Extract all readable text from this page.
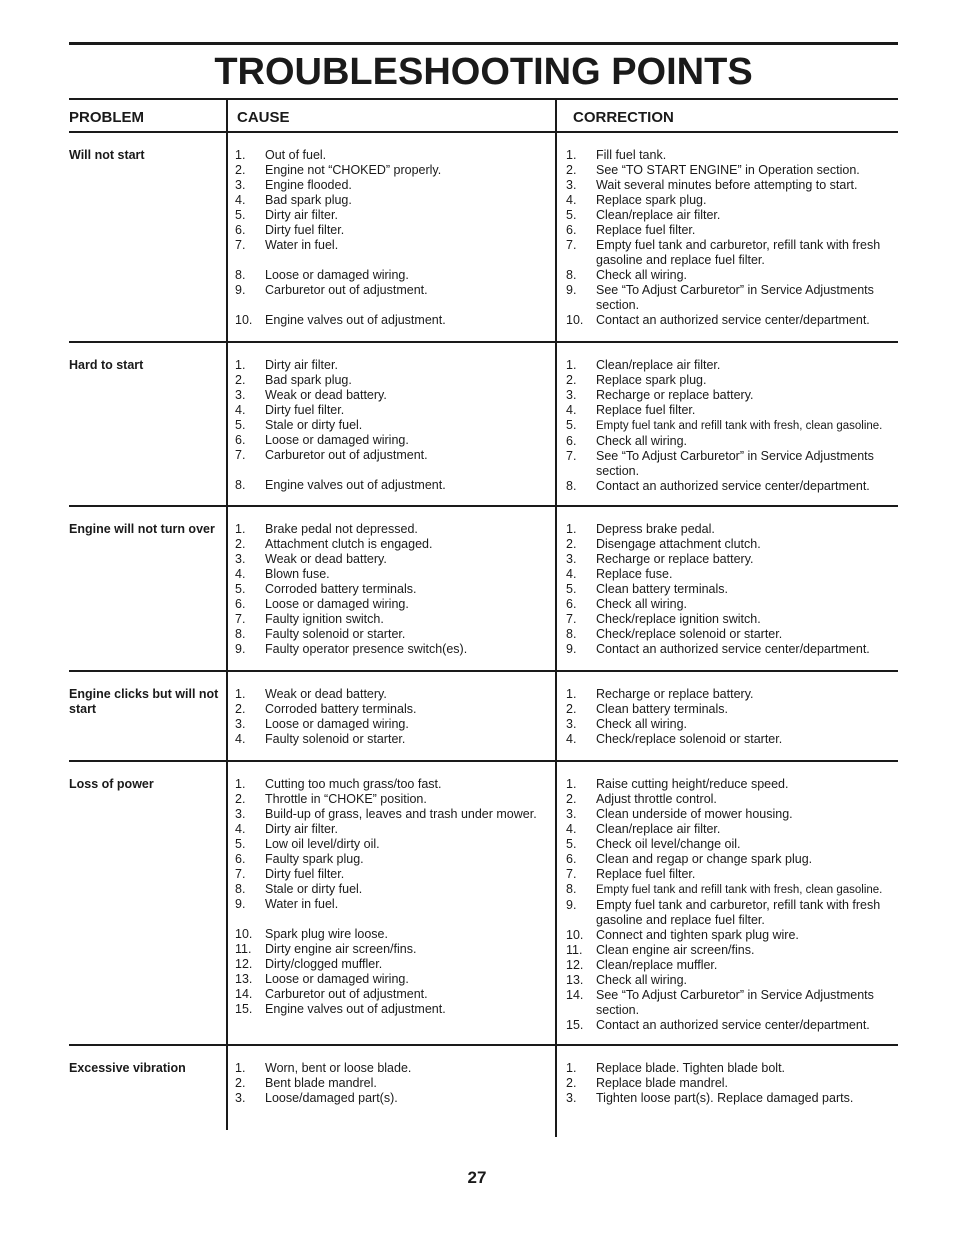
TROUBLESHOOTING POINTS
PROBLEM	CAUSE	CORRECTION
Will not start	1.	Out of fuel.
2.	Engine not “CHOKED” properly.
3.	Engine flooded.
4.	Bad spark plug.
5.	Dirty air filter.
6.	Dirty fuel filter.
7.	Water in fuel.
8.	Loose or damaged wiring.
9.	Carburetor out of adjustment.
10.	Engine valves out of adjustment.
1.	Fill fuel tank.
2.	See “TO START ENGINE” in Operation section.
3.	Wait several minutes before attempting to start.
4.	Replace spark plug.
5.	Clean/replace air filter.
6.	Replace fuel filter.
7.	Empty fuel tank and carburetor, refill tank with fresh gasoline and replace fuel filter.
8.	Check all wiring.
9.	See “To Adjust Carburetor” in Service Adjustments section.
10.	Contact an authorized service center/department.
Hard to start	1.	Dirty air filter.
2.	Bad spark plug.
3.	Weak or dead battery.
4.	Dirty fuel filter.
5.	Stale or dirty fuel.
6.	Loose or damaged wiring.
7.	Carburetor out of adjustment.
8.	Engine valves out of adjustment.
1.	Clean/replace air filter.
2.	Replace spark plug.
3.	Recharge or replace battery.
4.	Replace fuel filter.
5.	Empty fuel tank and refill tank with fresh, clean gasoline.
6.	Check all wiring.
7.	See “To Adjust Carburetor” in Service Adjustments section.
8.	Contact an authorized service center/department.
Engine will not turn over	1.	Brake pedal not depressed.
2.	Attachment clutch is engaged.
3.	Weak or dead battery.
4.	Blown fuse.
5.	Corroded battery terminals.
6.	Loose or damaged wiring.
7.	Faulty ignition switch.
8.	Faulty solenoid or starter.
9.	Faulty operator presence switch(es).
1.	Depress brake pedal.
2.	Disengage attachment clutch.
3.	Recharge or replace battery.
4.	Replace fuse.
5.	Clean battery terminals.
6.	Check all wiring.
7.	Check/replace ignition switch.
8.	Check/replace solenoid or starter.
9.	Contact an authorized service center/department.
Engine clicks but will not start
1.	Weak or dead battery.
2.	Corroded battery terminals.
3.	Loose or damaged wiring.
4.	Faulty solenoid or starter.
1.	Recharge or replace battery.
2.	Clean battery terminals.
3.	Check all wiring.
4.	Check/replace solenoid or starter.
Loss of power	1.	Cutting too much grass/too fast.
2.	Throttle in “CHOKE” position.
3.	Build-up of grass, leaves and trash under mower.
4.	Dirty air filter.
5.	Low oil level/dirty oil.
6.	Faulty spark plug.
7.	Dirty fuel filter.
8.	Stale or dirty fuel.
9.	Water in fuel.
10.	Spark plug wire loose.
11.	Dirty engine air screen/fins.
12.	Dirty/clogged muffler.
13.	Loose or damaged wiring.
14.	Carburetor out of adjustment.
15.	Engine valves out of adjustment.
1.	Raise cutting height/reduce speed.
2.	Adjust throttle control.
3.	Clean underside of mower housing.
4.	Clean/replace air filter.
5.	Check oil level/change oil.
6.	Clean and regap or change spark plug.
7.	Replace fuel filter.
8.	Empty fuel tank and refill tank with fresh, clean gasoline.
9.	Empty fuel tank and carburetor, refill tank with fresh gasoline and replace fuel filter.
10.	Connect and tighten spark plug wire.
11.	Clean engine air screen/fins.
12.	Clean/replace muffler.
13.	Check all wiring.
14.	See “To Adjust Carburetor” in Service Adjustments section.
15.	Contact an authorized service center/department.
Excessive vibration	1.	Worn, bent or loose blade.
2.	Bent blade mandrel.
3.	Loose/damaged part(s).
1.	Replace blade. Tighten blade bolt.
2.	Replace blade mandrel.
3.	Tighten loose part(s). Replace damaged parts.
27
